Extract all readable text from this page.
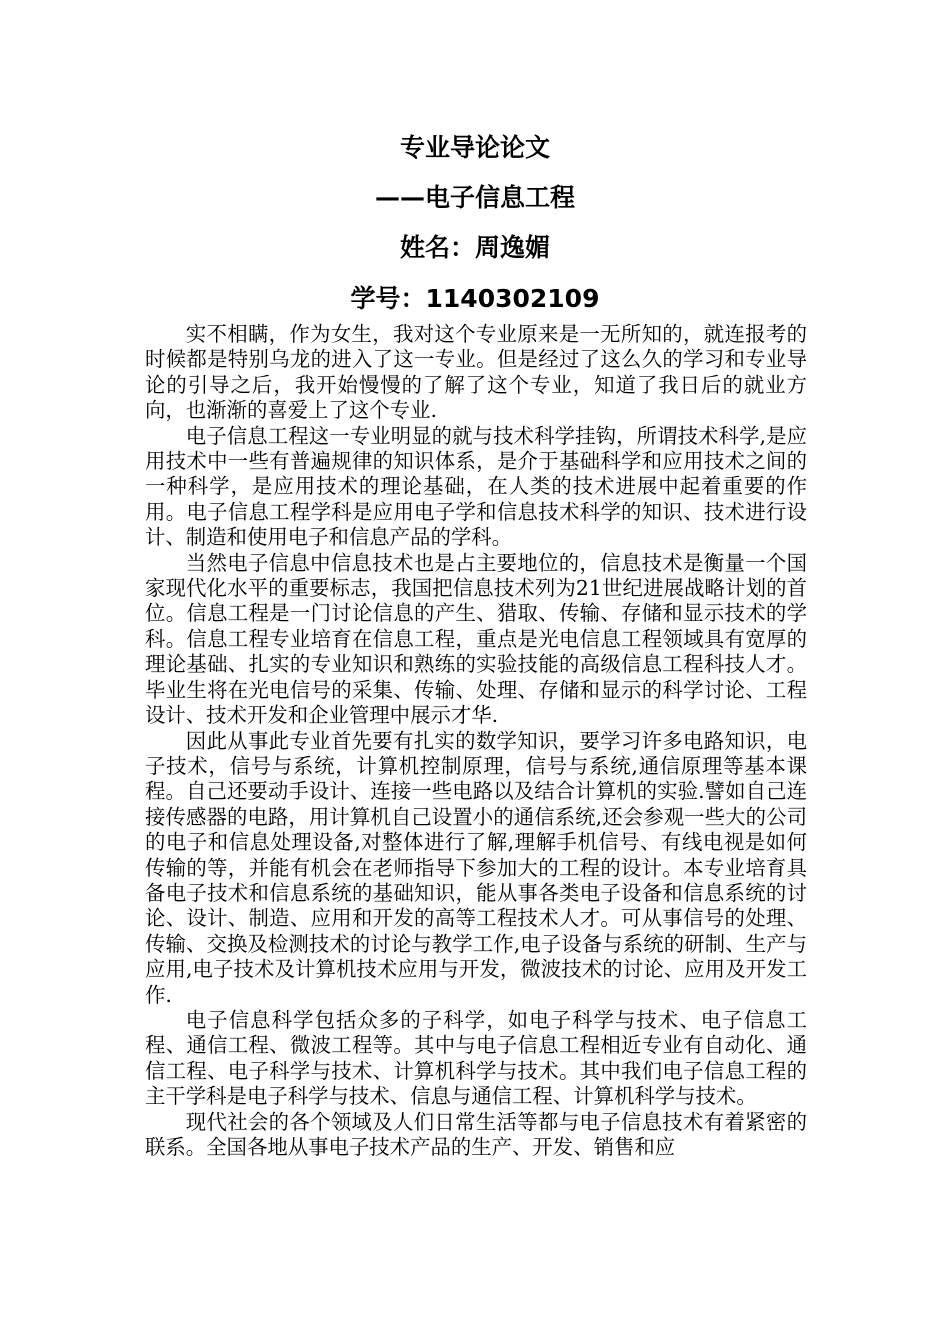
专业导论论文
——电子信息工程
姓名：周逸媚
学号：1140302109

实不相瞒，作为女生，我对这个专业原来是一无所知的，就连报考的时候都是特别乌龙的进入了这一专业。但是经过了这么久的学习和专业导论的引导之后，我开始慢慢的了解了这个专业，知道了我日后的就业方向，也渐渐的喜爱上了这个专业.

电子信息工程这一专业明显的就与技术科学挂钩，所谓技术科学,是应用技术中一些有普遍规律的知识体系，是介于基础科学和应用技术之间的一种科学，是应用技术的理论基础，在人类的技术进展中起着重要的作用。电子信息工程学科是应用电子学和信息技术科学的知识、技术进行设计、制造和使用电子和信息产品的学科。

当然电子信息中信息技术也是占主要地位的，信息技术是衡量一个国家现代化水平的重要标志，我国把信息技术列为21世纪进展战略计划的首位。信息工程是一门讨论信息的产生、猎取、传输、存储和显示技术的学科。信息工程专业培育在信息工程，重点是光电信息工程领域具有宽厚的理论基础、扎实的专业知识和熟练的实验技能的高级信息工程科技人才。毕业生将在光电信号的采集、传输、处理、存储和显示的科学讨论、工程设计、技术开发和企业管理中展示才华.

因此从事此专业首先要有扎实的数学知识，要学习许多电路知识，电子技术，信号与系统，计算机控制原理，信号与系统,通信原理等基本课程。自己还要动手设计、连接一些电路以及结合计算机的实验.譬如自己连接传感器的电路，用计算机自己设置小的通信系统,还会参观一些大的公司的电子和信息处理设备,对整体进行了解,理解手机信号、有线电视是如何传输的等，并能有机会在老师指导下参加大的工程的设计。本专业培育具备电子技术和信息系统的基础知识，能从事各类电子设备和信息系统的讨论、设计、制造、应用和开发的高等工程技术人才。可从事信号的处理、传输、交换及检测技术的讨论与教学工作,电子设备与系统的研制、生产与应用,电子技术及计算机技术应用与开发，微波技术的讨论、应用及开发工作.

电子信息科学包括众多的子科学，如电子科学与技术、电子信息工程、通信工程、微波工程等。其中与电子信息工程相近专业有自动化、通信工程、电子科学与技术、计算机科学与技术。其中我们电子信息工程的主干学科是电子科学与技术、信息与通信工程、计算机科学与技术。

现代社会的各个领域及人们日常生活等都与电子信息技术有着紧密的联系。全国各地从事电子技术产品的生产、开发、销售和应
